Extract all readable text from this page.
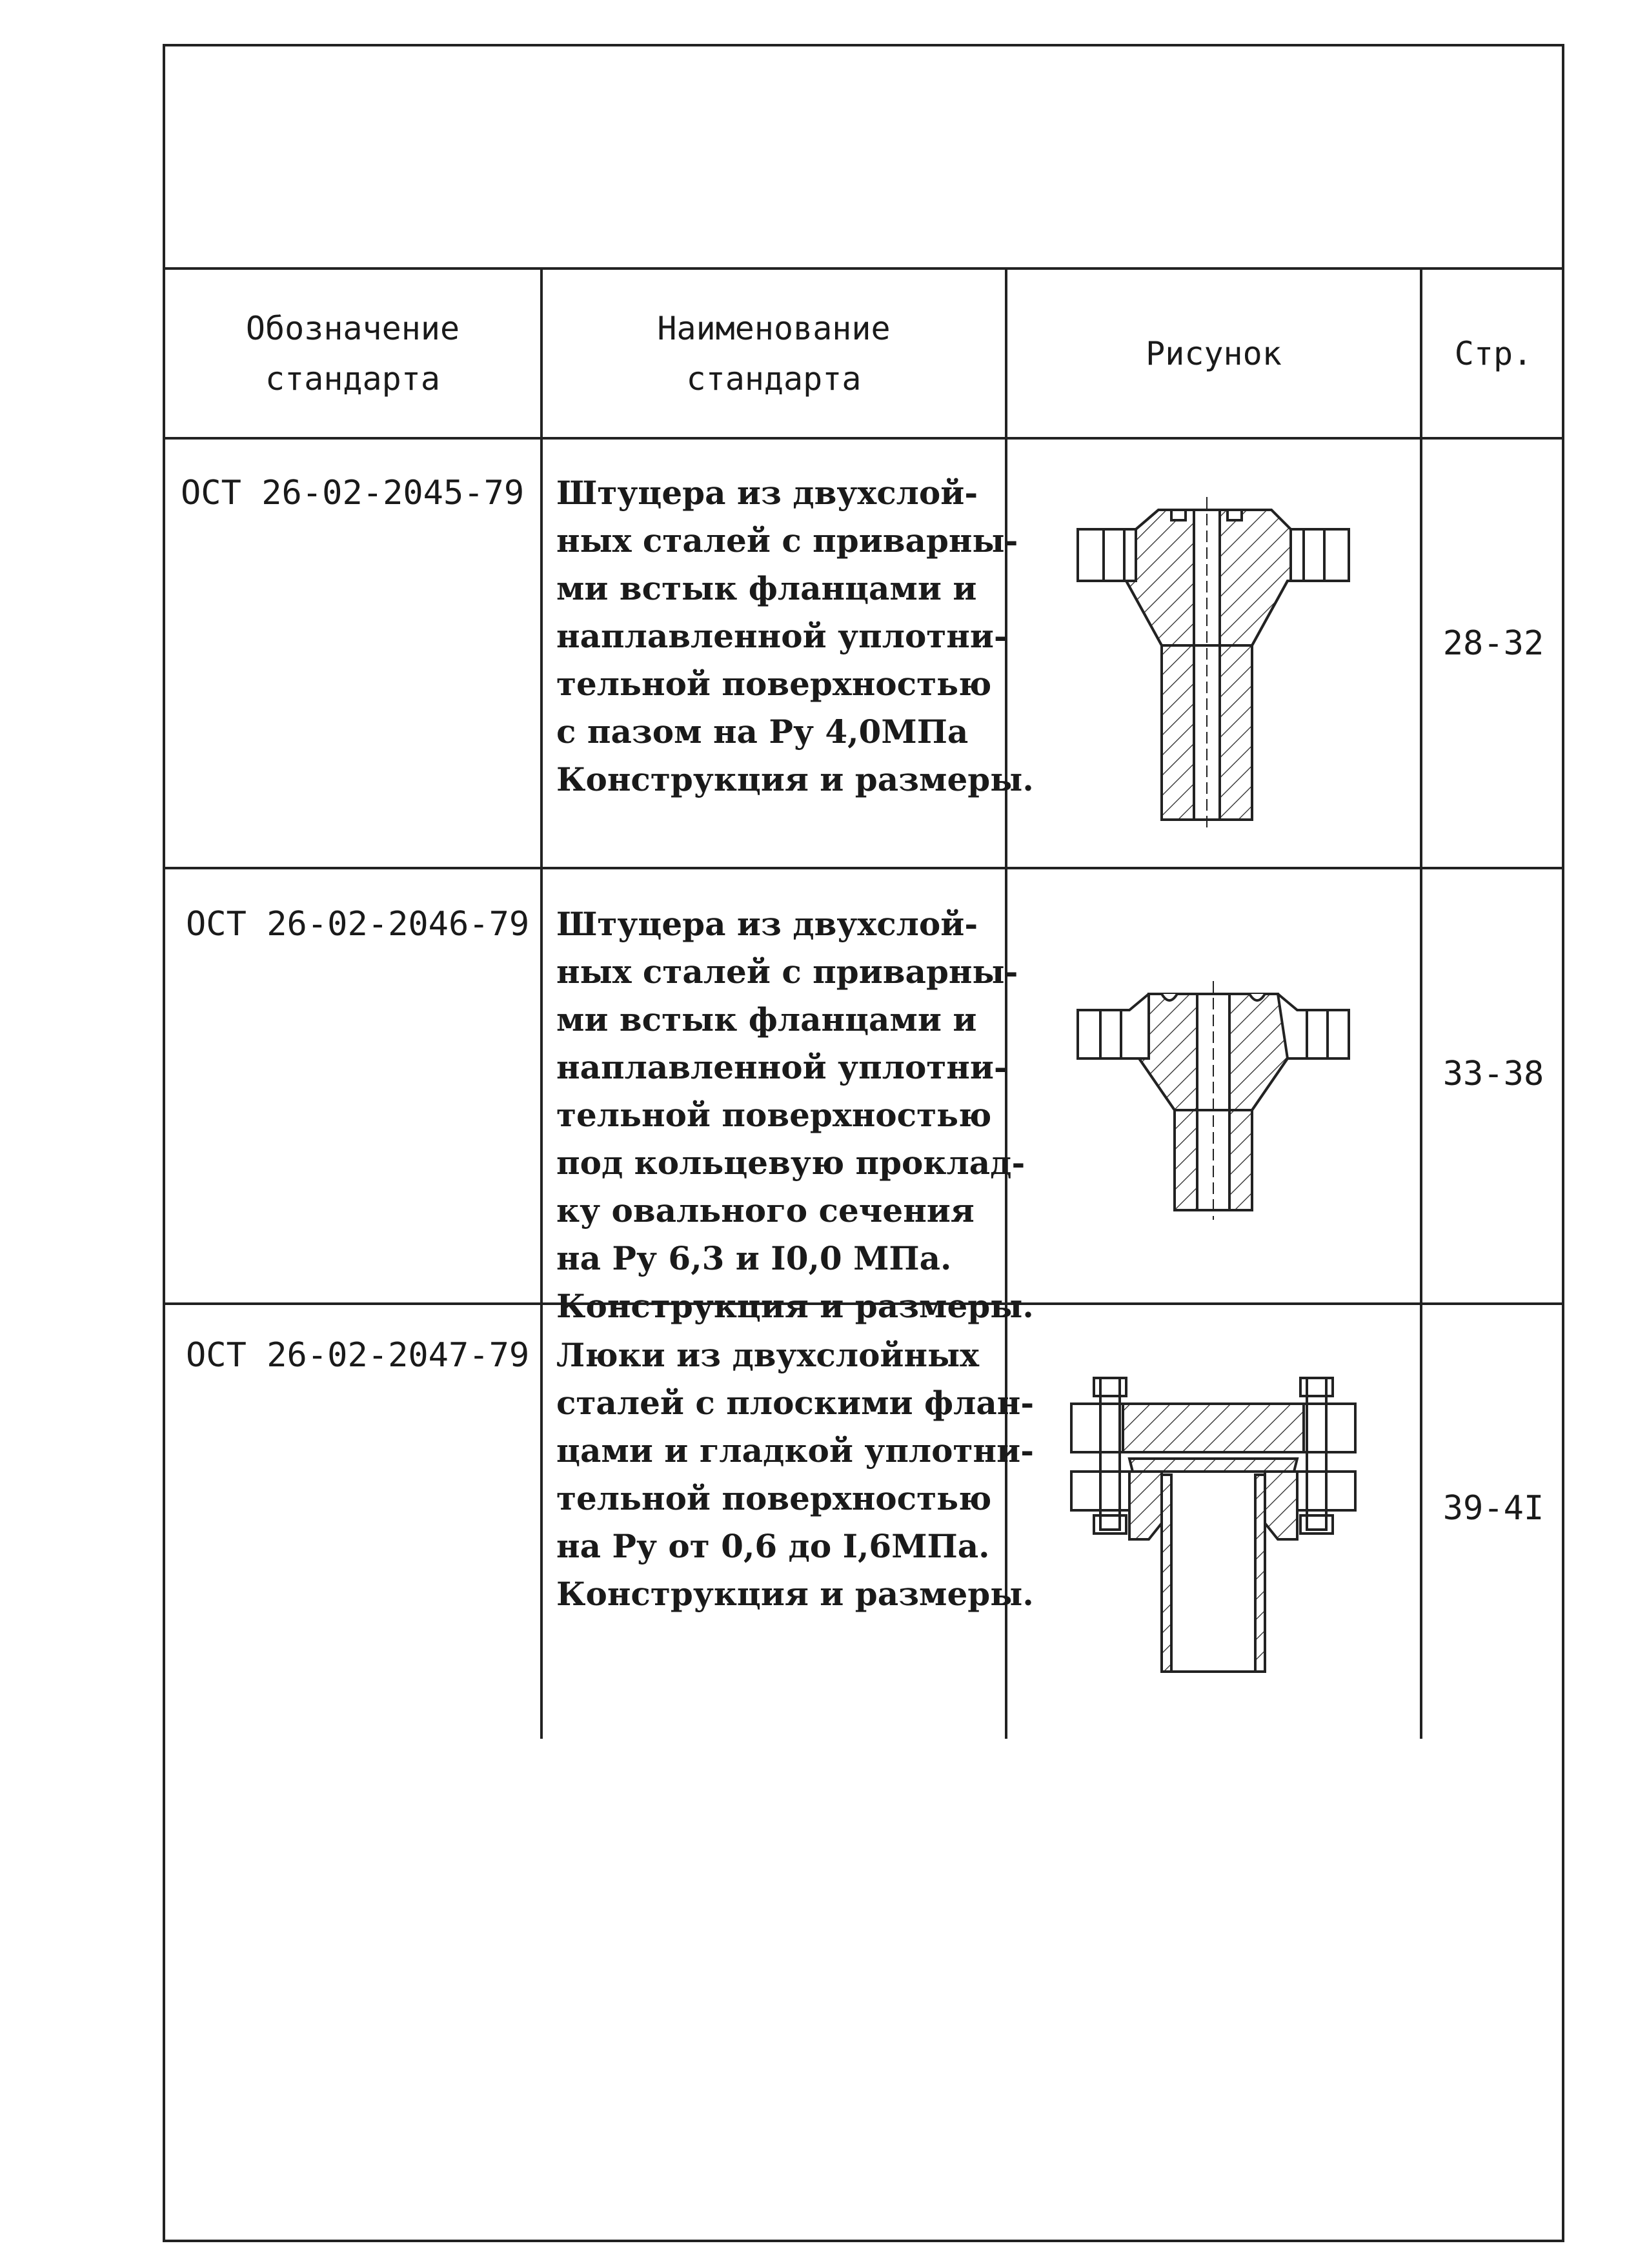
Обозначение
стандарта
Наименование
стандарта
Рисунок	Стр.
ОСТ 26-02-2045-79 Штуцера из двухслой-
ных сталей с приварны-
ми встык фланцами и
наплавленной уплотни-
тельной поверхностью
с пазом на Ру 4,0МПа
Конструкция и размеры.
28-32
ОСТ 26-02-2046-79 Штуцера из двухслой-
ных сталей с приварны-
ми встык фланцами и
наплавленной уплотни-
тельной поверхностью
под кольцевую проклад-
ку овального сечения
на Ру 6,3 и I0,0 МПа.
Конструкция и размеры.
33-38
ОСТ 26-02-2047-79 Люки из двухслойных
сталей с плоскими флан-
цами и гладкой уплотни-
тельной поверхностью
на Ру от 0,6 до I,6МПа.
Конструкция и размеры.
39-4I
